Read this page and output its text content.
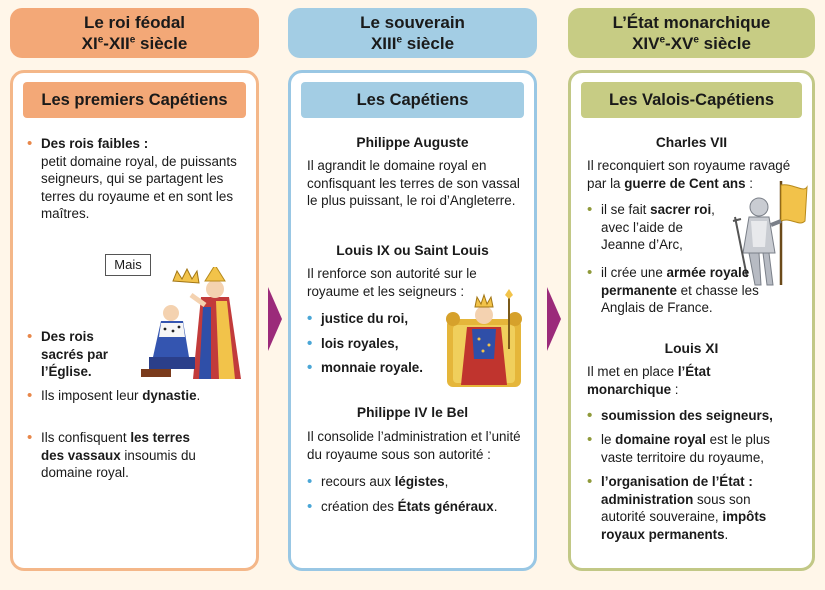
Le roi féodal
XIe-XIIe siècle
Le souverain
XIIIe siècle
L’État monarchique
XIVe-XVe siècle
Les premiers Capétiens
• Des rois faibles :
petit domaine royal, de puissants seigneurs, qui se partagent les terres du royaume et en sont les maîtres.
Mais
• Des rois sacrés par l’Église.
• Ils imposent leur dynastie.
• Ils confisquent les terres des vassaux insoumis du domaine royal.
Les Capétiens
Philippe Auguste
Il agrandit le domaine royal en confisquant les terres de son vassal le plus puissant, le roi d’Angleterre.
Louis IX ou Saint Louis
Il renforce son autorité sur le royaume et les seigneurs :
• justice du roi,
• lois royales,
• monnaie royale.
Philippe IV le Bel
Il consolide l’administration et l’unité du royaume sous son autorité :
• recours aux légistes,
• création des États généraux.
Les Valois-Capétiens
Charles VII
Il reconquiert son royaume ravagé par la guerre de Cent ans :
• il se fait sacrer roi, avec l’aide de Jeanne d’Arc,
• il crée une armée royale permanente et chasse les Anglais de France.
Louis XI
Il met en place l’État monarchique :
• soumission des seigneurs,
• le domaine royal est le plus vaste territoire du royaume,
• l’organisation de l’État : administration sous son autorité souveraine, impôts royaux permanents.
